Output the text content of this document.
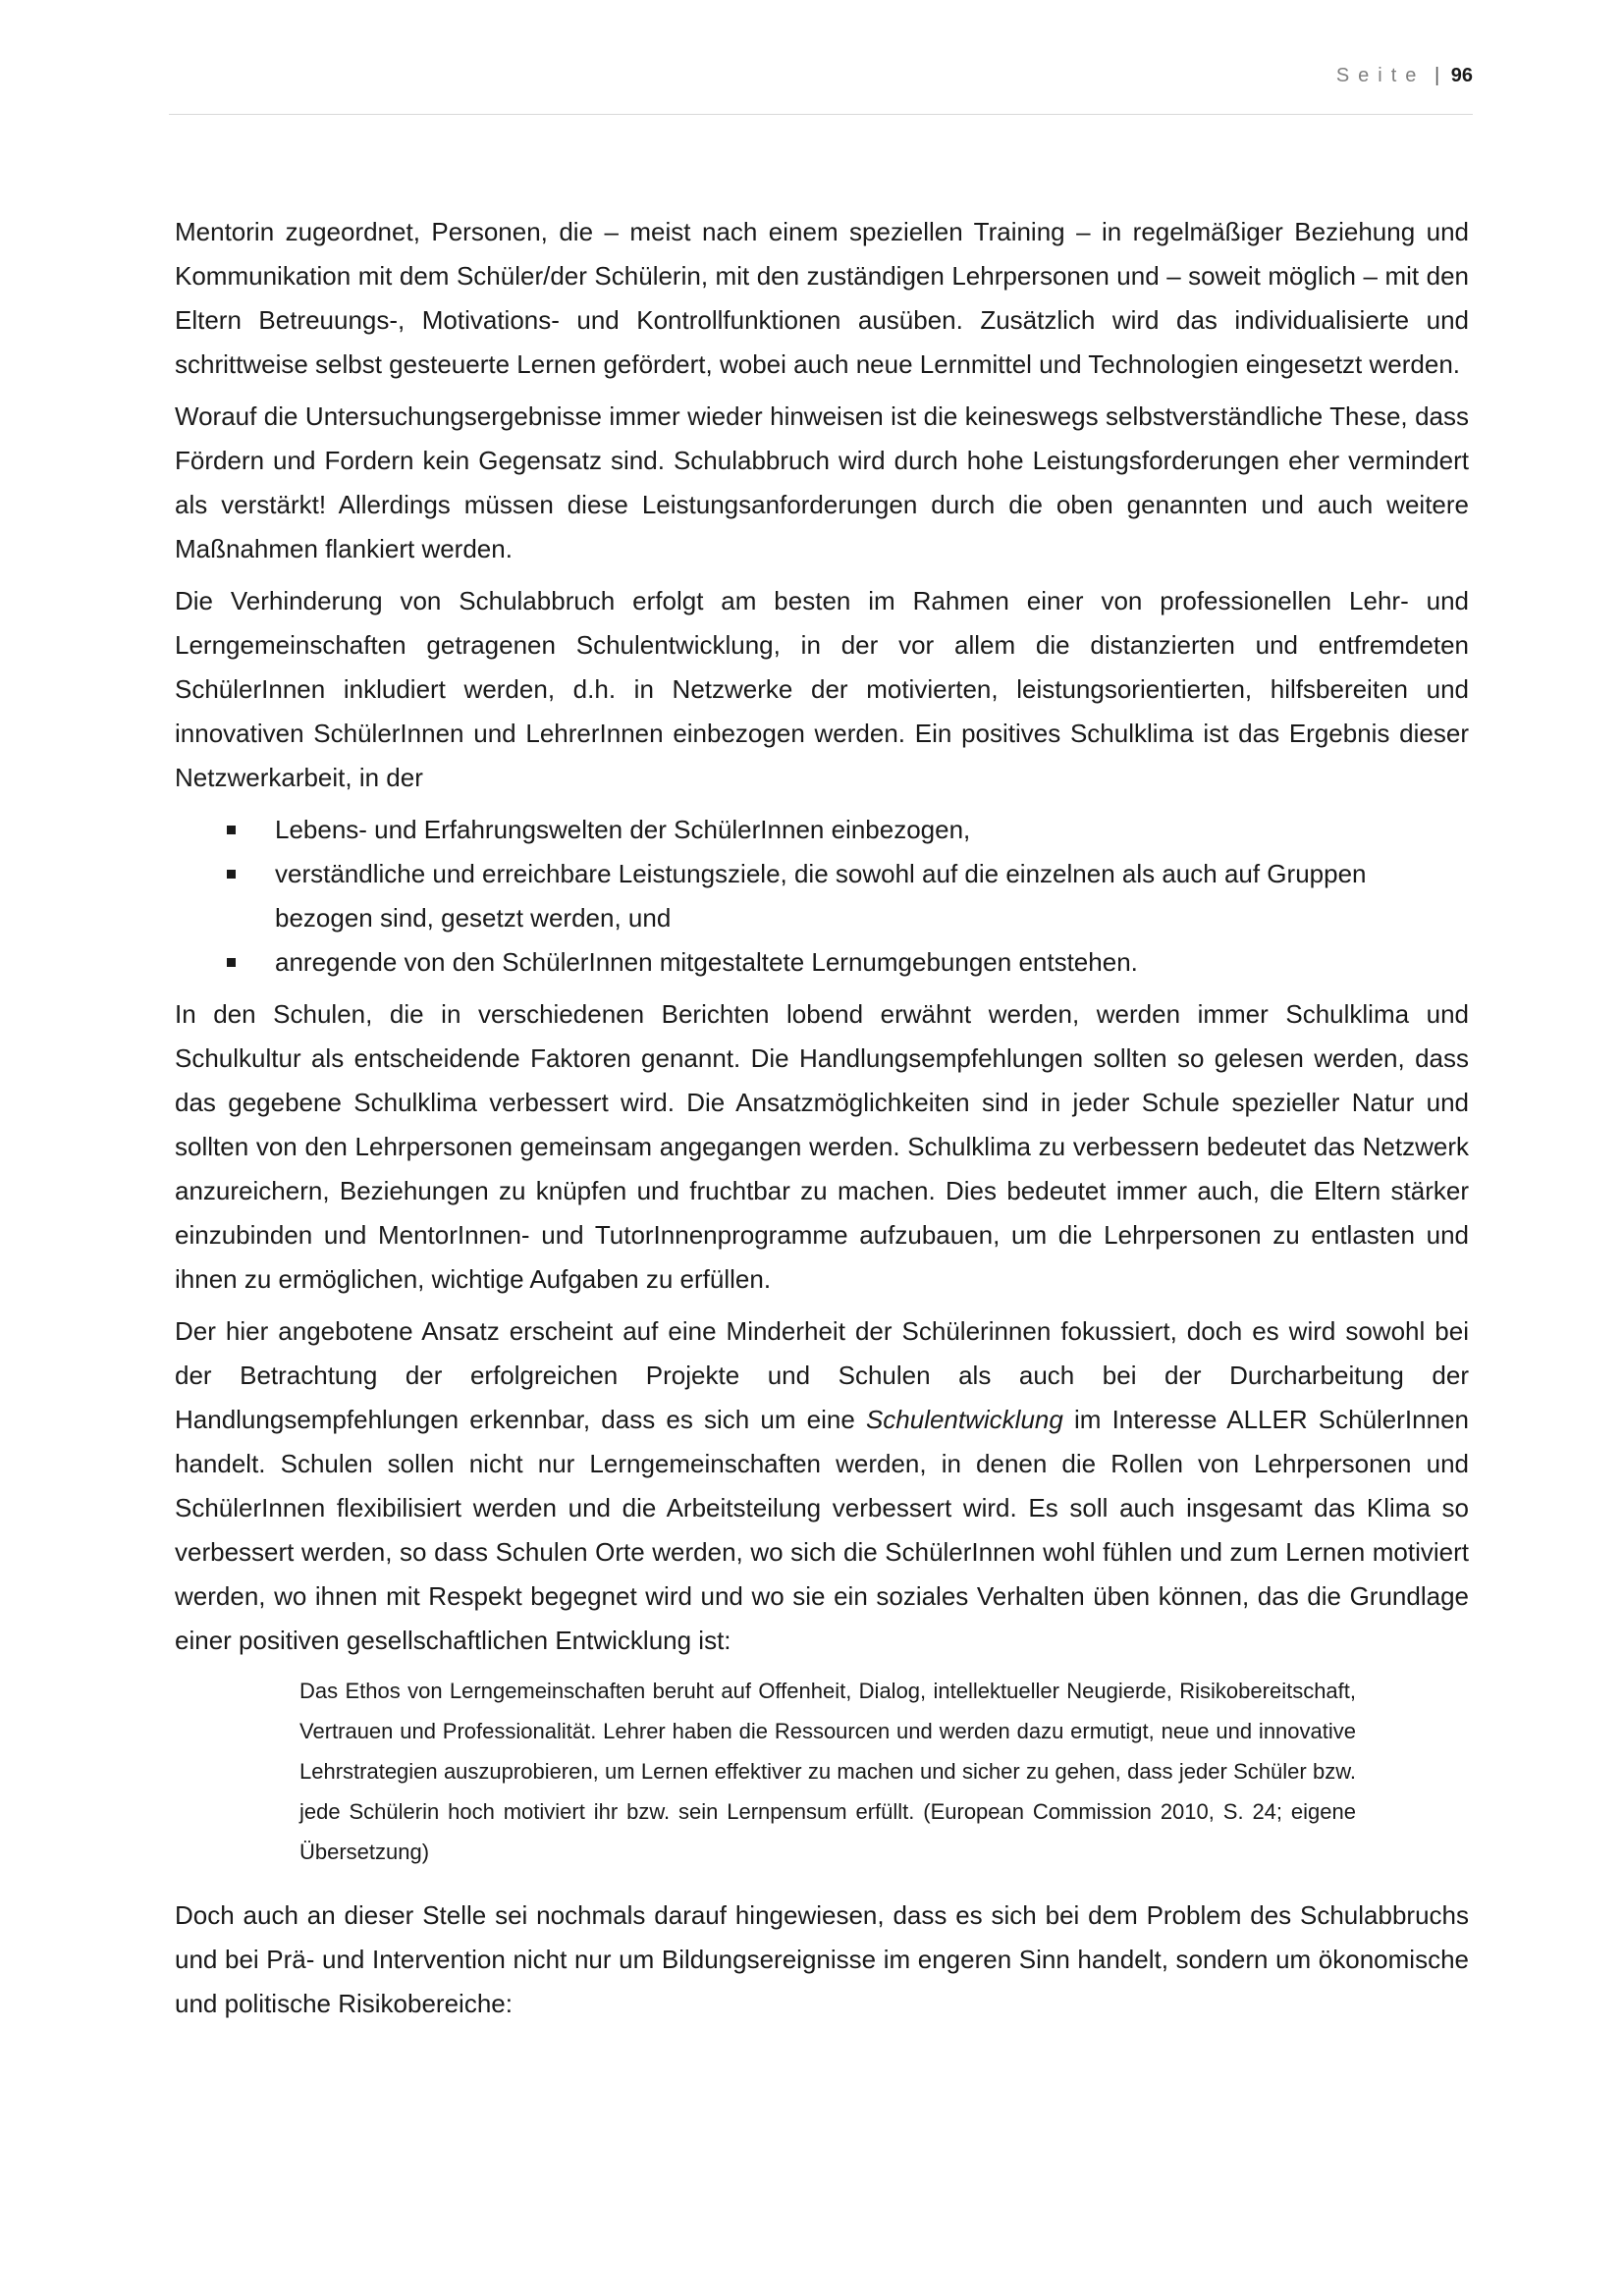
Seite | 96

Mentorin zugeordnet, Personen, die – meist nach einem speziellen Training – in regelmäßiger Beziehung und Kommunikation mit dem Schüler/der Schülerin, mit den zuständigen Lehrpersonen und – soweit möglich – mit den Eltern Betreuungs-, Motivations- und Kontrollfunktionen ausüben. Zusätzlich wird das individualisierte und schrittweise selbst gesteuerte Lernen gefördert, wobei auch neue Lernmittel und Technologien eingesetzt werden.

Worauf die Untersuchungsergebnisse immer wieder hinweisen ist die keineswegs selbstverständliche These, dass Fördern und Fordern kein Gegensatz sind. Schulabbruch wird durch hohe Leistungsforderungen eher vermindert als verstärkt! Allerdings müssen diese Leistungsanforderungen durch die oben genannten und auch weitere Maßnahmen flankiert werden.

Die Verhinderung von Schulabbruch erfolgt am besten im Rahmen einer von professionellen Lehr- und Lerngemeinschaften getragenen Schulentwicklung, in der vor allem die distanzierten und entfremdeten SchülerInnen inkludiert werden, d.h. in Netzwerke der motivierten, leistungsorientierten, hilfsbereiten und innovativen SchülerInnen und LehrerInnen einbezogen werden. Ein positives Schulklima ist das Ergebnis dieser Netzwerkarbeit, in der

Lebens- und Erfahrungswelten der SchülerInnen einbezogen,
verständliche und erreichbare Leistungsziele, die sowohl auf die einzelnen als auch auf Gruppen bezogen sind, gesetzt werden, und
anregende von den SchülerInnen mitgestaltete Lernumgebungen entstehen.

In den Schulen, die in verschiedenen Berichten lobend erwähnt werden, werden immer Schulklima und Schulkultur als entscheidende Faktoren genannt. Die Handlungsempfehlungen sollten so gelesen werden, dass das gegebene Schulklima verbessert wird. Die Ansatzmöglichkeiten sind in jeder Schule spezieller Natur und sollten von den Lehrpersonen gemeinsam angegangen werden. Schulklima zu verbessern bedeutet das Netzwerk anzureichern, Beziehungen zu knüpfen und fruchtbar zu machen. Dies bedeutet immer auch, die Eltern stärker einzubinden und MentorInnen- und TutorInnenprogramme aufzubauen, um die Lehrpersonen zu entlasten und ihnen zu ermöglichen, wichtige Aufgaben zu erfüllen.

Der hier angebotene Ansatz erscheint auf eine Minderheit der Schülerinnen fokussiert, doch es wird sowohl bei der Betrachtung der erfolgreichen Projekte und Schulen als auch bei der Durcharbeitung der Handlungsempfehlungen erkennbar, dass es sich um eine Schulentwicklung im Interesse ALLER SchülerInnen handelt. Schulen sollen nicht nur Lerngemeinschaften werden, in denen die Rollen von Lehrpersonen und SchülerInnen flexibilisiert werden und die Arbeitsteilung verbessert wird. Es soll auch insgesamt das Klima so verbessert werden, so dass Schulen Orte werden, wo sich die SchülerInnen wohl fühlen und zum Lernen motiviert werden, wo ihnen mit Respekt begegnet wird und wo sie ein soziales Verhalten üben können, das die Grundlage einer positiven gesellschaftlichen Entwicklung ist:

Das Ethos von Lerngemeinschaften beruht auf Offenheit, Dialog, intellektueller Neugierde, Risikobereitschaft, Vertrauen und Professionalität. Lehrer haben die Ressourcen und werden dazu ermutigt, neue und innovative Lehrstrategien auszuprobieren, um Lernen effektiver zu machen und sicher zu gehen, dass jeder Schüler bzw. jede Schülerin hoch motiviert ihr bzw. sein Lernpensum erfüllt. (European Commission 2010, S. 24; eigene Übersetzung)

Doch auch an dieser Stelle sei nochmals darauf hingewiesen, dass es sich bei dem Problem des Schulabbruchs und bei Prä- und Intervention nicht nur um Bildungsereignisse im engeren Sinn handelt, sondern um ökonomische und politische Risikobereiche:
